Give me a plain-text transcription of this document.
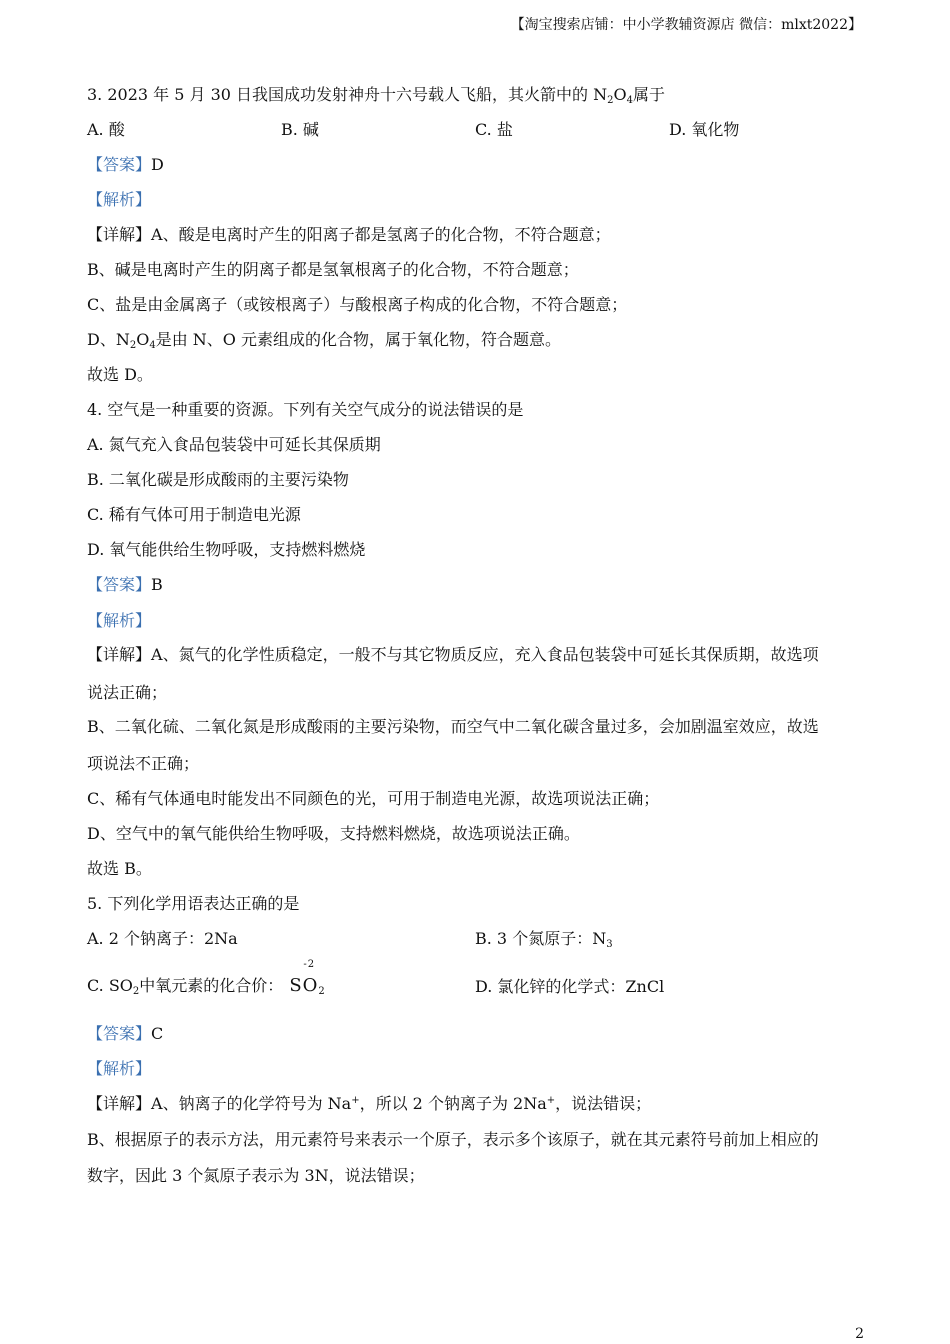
【淘宝搜索店铺：中小学教辅资源店 微信：mlxt2022】
3. 2023 年 5 月 30 日我国成功发射神舟十六号载人飞船，其火箭中的 $N_2O_4$属于
A. 酸	B. 碱	C. 盐	D. 氧化物
【答案】D
【解析】
【详解】A、酸是电离时产生的阳离子都是氢离子的化合物，不符合题意；
B、碱是电离时产生的阴离子都是氢氧根离子的化合物，不符合题意；
C、盐是由金属离子（或铵根离子）与酸根离子构成的化合物，不符合题意；
D、$N_2O_4$是由 N、O 元素组成的化合物，属于氧化物，符合题意。
故选 D。
4. 空气是一种重要的资源。下列有关空气成分的说法错误的是
A. 氮气充入食品包装袋中可延长其保质期
B. 二氧化碳是形成酸雨的主要污染物
C. 稀有气体可用于制造电光源
D. 氧气能供给生物呼吸，支持燃料燃烧
【答案】B
【解析】
【详解】A、氮气的化学性质稳定，一般不与其它物质反应，充入食品包装袋中可延长其保质期，故选项
说法正确；
B、二氧化硫、二氧化氮是形成酸雨的主要污染物，而空气中二氧化碳含量过多，会加剧温室效应，故选
项说法不正确；
C、稀有气体通电时能发出不同颜色的光，可用于制造电光源，故选项说法正确；
D、空气中的氧气能供给生物呼吸，支持燃料燃烧，故选项说法正确。
故选 B。
5. 下列化学用语表达正确的是
A. 2 个钠离子：2Na	B. 3 个氮原子：$N_3$
C. $SO_2$中氧元素的化合价：
-2
$SO_2$	D. 氯化锌的化学式：ZnCl
【答案】C
【解析】
【详解】A、钠离子的化学符号为 Na+，所以 2 个钠离子为 2Na+，说法错误；
B、根据原子的表示方法，用元素符号来表示一个原子，表示多个该原子，就在其元素符号前加上相应的
数字，因此 3 个氮原子表示为 3N，说法错误；
2
